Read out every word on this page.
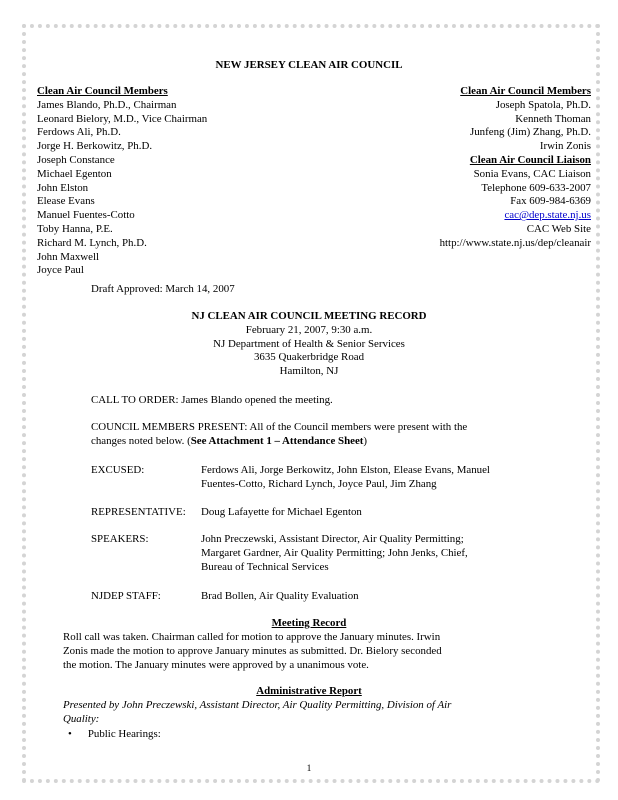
NEW JERSEY CLEAN AIR COUNCIL
Clean Air Council Members
James Blando, Ph.D., Chairman
Leonard Bielory, M.D., Vice Chairman
Ferdows Ali, Ph.D.
Jorge H. Berkowitz, Ph.D.
Joseph Constance
Michael Egenton
John Elston
Elease Evans
Manuel Fuentes-Cotto
Toby Hanna, P.E.
Richard M. Lynch, Ph.D.
John Maxwell
Joyce Paul
Clean Air Council Members
Joseph Spatola, Ph.D.
Kenneth Thoman
Junfeng (Jim) Zhang, Ph.D.
Irwin Zonis
Clean Air Council Liaison
Sonia Evans, CAC Liaison
Telephone 609-633-2007
Fax 609-984-6369
cac@dep.state.nj.us
CAC Web Site
http://www.state.nj.us/dep/cleanair
Draft Approved: March 14, 2007
NJ CLEAN AIR COUNCIL MEETING RECORD
February 21, 2007, 9:30 a.m.
NJ Department of Health & Senior Services
3635 Quakerbridge Road
Hamilton, NJ
CALL TO ORDER: James Blando opened the meeting.
COUNCIL MEMBERS PRESENT: All of the Council members were present with the
changes noted below. (See Attachment 1 – Attendance Sheet)
EXCUSED:	Ferdows Ali, Jorge Berkowitz, John Elston, Elease Evans, Manuel
Fuentes-Cotto, Richard Lynch, Joyce Paul, Jim Zhang
REPRESENTATIVE: Doug Lafayette for Michael Egenton
SPEAKERS:	John Preczewski, Assistant Director, Air Quality Permitting;
Margaret Gardner, Air Quality Permitting; John Jenks, Chief,
Bureau of Technical Services
NJDEP STAFF:	Brad Bollen, Air Quality Evaluation
Meeting Record
Roll call was taken. Chairman called for motion to approve the January minutes. Irwin
Zonis made the motion to approve January minutes as submitted. Dr. Bielory seconded
the motion. The January minutes were approved by a unanimous vote.
Administrative Report
Presented by John Preczewski, Assistant Director, Air Quality Permitting, Division of Air
Quality:
• Public Hearings:
1
